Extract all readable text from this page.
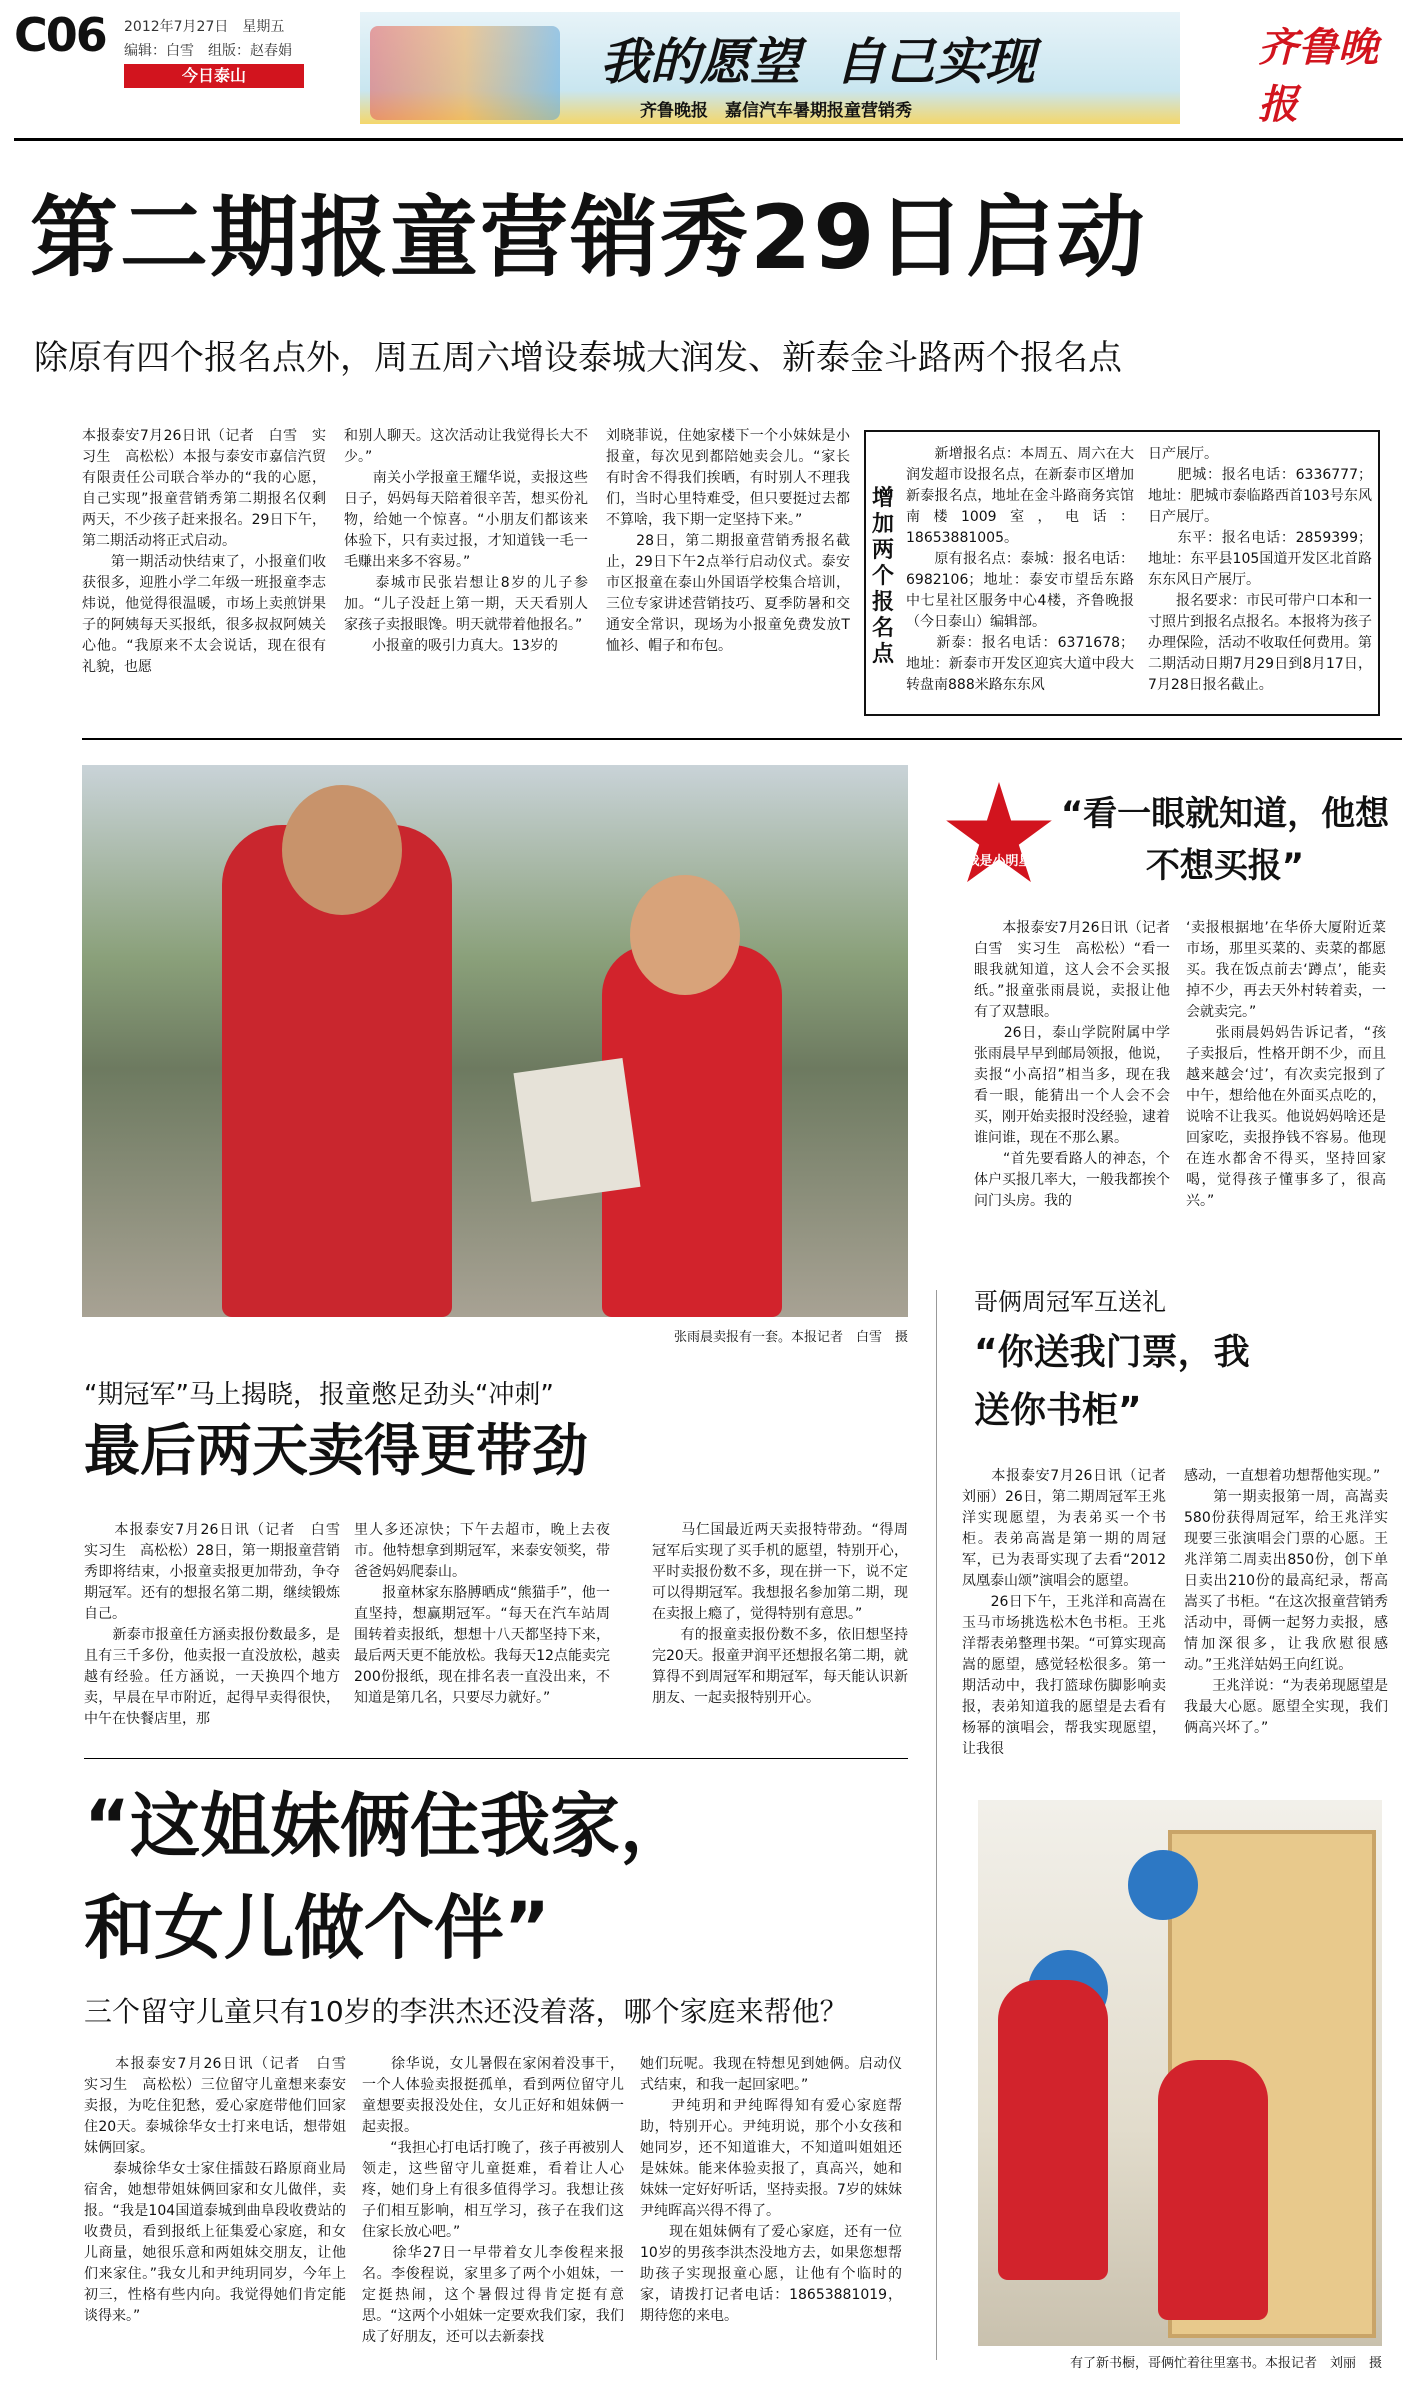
C06 2012年7月27日　星期五
编辑：白雪　组版：赵春娟
今日泰山	我的愿望  自己实现
齐鲁晚报　嘉信汽车暑期报童营销秀
齐鲁晚报
第二期报童营销秀29日启动
除原有四个报名点外，周五周六增设泰城大润发、新泰金斗路两个报名点
本报泰安7月26日讯（记者　白雪　实习生　高松松）本报与泰安市嘉信汽贸有限责任公司联合举办的“我的心愿，自己实现”报童营销秀第二期报名仅剩两天，不少孩子赶来报名。29日下午，第二期活动将正式启动。
　　第一期活动快结束了，小报童们收获很多，迎胜小学二年级一班报童李志炜说，他觉得很温暖，市场上卖煎饼果子的阿姨每天买报纸，很多叔叔阿姨关心他。“我原来不太会说话，现在很有礼貌，也愿
和别人聊天。这次活动让我觉得长大不少。”
　　南关小学报童王耀华说，卖报这些日子，妈妈每天陪着很辛苦，想买份礼物，给她一个惊喜。“小朋友们都该来体验下，只有卖过报，才知道钱一毛一毛赚出来多不容易。”
　　泰城市民张岩想让8岁的儿子参加。“儿子没赶上第一期，天天看别人家孩子卖报眼馋。明天就带着他报名。”
　　小报童的吸引力真大。13岁的
刘晓菲说，住她家楼下一个小妹妹是小报童，每次见到都陪她卖会儿。“家长有时舍不得我们挨晒，有时别人不理我们，当时心里特难受，但只要挺过去都不算啥，我下期一定坚持下来。”
　　28日，第二期报童营销秀报名截止，29日下午2点举行启动仪式。泰安市区报童在泰山外国语学校集合培训，三位专家讲述营销技巧、夏季防暑和交通安全常识，现场为小报童免费发放T恤衫、帽子和布包。
增加两个报名点
　　新增报名点：本周五、周六在大润发超市设报名点，在新泰市区增加新泰报名点，地址在金斗路商务宾馆南楼1009室，电话：18653881005。
　　原有报名点：泰城：报名电话：6982106；地址：泰安市望岳东路中七星社区服务中心4楼，齐鲁晚报（今日泰山）编辑部。
　　新泰：报名电话：6371678；地址：新泰市开发区迎宾大道中段大转盘南888米路东东风
日产展厅。
　　肥城：报名电话：6336777；地址：肥城市泰临路西首103号东风日产展厅。
　　东平：报名电话：2859399；地址：东平县105国道开发区北首路东东风日产展厅。
　　报名要求：市民可带户口本和一寸照片到报名点报名。本报将为孩子办理保险，活动不收取任何费用。第二期活动日期7月29日到8月17日，7月28日报名截止。
张雨晨卖报有一套。本报记者　白雪　摄
我是小明星
“看一眼就知道，他想不想买报”
　　本报泰安7月26日讯（记者　白雪　实习生　高松松）“看一眼我就知道，这人会不会买报纸。”报童张雨晨说，卖报让他有了双慧眼。
　　26日，泰山学院附属中学张雨晨早早到邮局领报，他说，卖报“小高招”相当多，现在我看一眼，能猜出一个人会不会买，刚开始卖报时没经验，逮着谁问谁，现在不那么累。
　　“首先要看路人的神态，个体户买报几率大，一般我都挨个问门头房。我的
‘卖报根据地’在华侨大厦附近菜市场，那里买菜的、卖菜的都愿买。我在饭点前去‘蹲点’，能卖掉不少，再去天外村转着卖，一会就卖完。”
　　张雨晨妈妈告诉记者，“孩子卖报后，性格开朗不少，而且越来越会‘过’，有次卖完报到了中午，想给他在外面买点吃的，说啥不让我买。他说妈妈啥还是回家吃，卖报挣钱不容易。他现在连水都舍不得买，坚持回家喝，觉得孩子懂事多了，很高兴。”
哥俩周冠军互送礼
“你送我门票，我送你书柜”
　　本报泰安7月26日讯（记者　刘丽）26日，第二期周冠军王兆洋实现愿望，为表弟买一个书柜。表弟高嵩是第一期的周冠军，已为表哥实现了去看“2012凤凰泰山颂”演唱会的愿望。
　　26日下午，王兆洋和高嵩在玉马市场挑选松木色书柜。王兆洋帮表弟整理书架。“可算实现高嵩的愿望，感觉轻松很多。第一期活动中，我打篮球伤脚影响卖报，表弟知道我的愿望是去看有杨幂的演唱会，帮我实现愿望，让我很
感动，一直想着功想帮他实现。”
　　第一期卖报第一周，高嵩卖580份获得周冠军，给王兆洋实现要三张演唱会门票的心愿。王兆洋第二周卖出850份，创下单日卖出210份的最高纪录，帮高嵩买了书柜。“在这次报童营销秀活动中，哥俩一起努力卖报，感情加深很多，让我欣慰很感动。”王兆洋姑妈王向红说。
　　王兆洋说：“为表弟现愿望是我最大心愿。愿望全实现，我们俩高兴坏了。”
有了新书橱，哥俩忙着往里塞书。本报记者　刘丽　摄
“期冠军”马上揭晓，报童憋足劲头“冲刺”
最后两天卖得更带劲
　　本报泰安7月26日讯（记者　白雪　实习生　高松松）28日，第一期报童营销秀即将结束，小报童卖报更加带劲，争夺期冠军。还有的想报名第二期，继续锻炼自己。
　　新泰市报童任方涵卖报份数最多，是且有三千多份，他卖报一直没放松，越卖越有经验。任方涵说，一天换四个地方卖，早晨在早市附近，起得早卖得很快，中午在快餐店里，那
里人多还凉快；下午去超市，晚上去夜市。他特想拿到期冠军，来泰安领奖，带爸爸妈妈爬泰山。
　　报童林家东胳膊晒成“熊猫手”，他一直坚持，想赢期冠军。“每天在汽车站周围转着卖报纸，想想十八天都坚持下来，最后两天更不能放松。我每天12点能卖完200份报纸，现在排名表一直没出来，不知道是第几名，只要尽力就好。”
　　马仁国最近两天卖报特带劲。“得周冠军后实现了买手机的愿望，特别开心，平时卖报份数不多，现在拼一下，说不定可以得期冠军。我想报名参加第二期，现在卖报上瘾了，觉得特别有意思。”
　　有的报童卖报份数不多，依旧想坚持完20天。报童尹润平还想报名第二期，就算得不到周冠军和期冠军，每天能认识新朋友、一起卖报特别开心。
“这姐妹俩住我家，
和女儿做个伴”
三个留守儿童只有10岁的李洪杰还没着落，哪个家庭来帮他？
　　本报泰安7月26日讯（记者　白雪　实习生　高松松）三位留守儿童想来泰安卖报，为吃住犯愁，爱心家庭带他们回家住20天。泰城徐华女士打来电话，想带姐妹俩回家。
　　泰城徐华女士家住擂鼓石路原商业局宿舍，她想带姐妹俩回家和女儿做伴，卖报。“我是104国道泰城到曲阜段收费站的收费员，看到报纸上征集爱心家庭，和女儿商量，她很乐意和两姐妹交朋友，让他们来家住。”我女儿和尹纯玥同岁，今年上初三，性格有些内向。我觉得她们肯定能谈得来。”
　　徐华说，女儿暑假在家闲着没事干，一个人体验卖报挺孤单，看到两位留守儿童想要卖报没处住，女儿正好和姐妹俩一起卖报。
　　“我担心打电话打晚了，孩子再被别人领走，这些留守儿童挺难，看着让人心疼，她们身上有很多值得学习。我想让孩子们相互影响，相互学习，孩子在我们这住家长放心吧。”
　　徐华27日一早带着女儿李俊程来报名。李俊程说，家里多了两个小姐妹，一定挺热闹，这个暑假过得肯定挺有意思。“这两个小姐妹一定要欢我们家，我们成了好朋友，还可以去新泰找
她们玩呢。我现在特想见到她俩。启动仪式结束，和我一起回家吧。”
　　尹纯玥和尹纯晖得知有爱心家庭帮助，特别开心。尹纯玥说，那个小女孩和她同岁，还不知道谁大，不知道叫姐姐还是妹妹。能来体验卖报了，真高兴，她和妹妹一定好好听话，坚持卖报。7岁的妹妹尹纯晖高兴得不得了。
　　现在姐妹俩有了爱心家庭，还有一位10岁的男孩李洪杰没地方去，如果您想帮助孩子实现报童心愿，让他有个临时的家，请拨打记者电话：18653881019，期待您的来电。
